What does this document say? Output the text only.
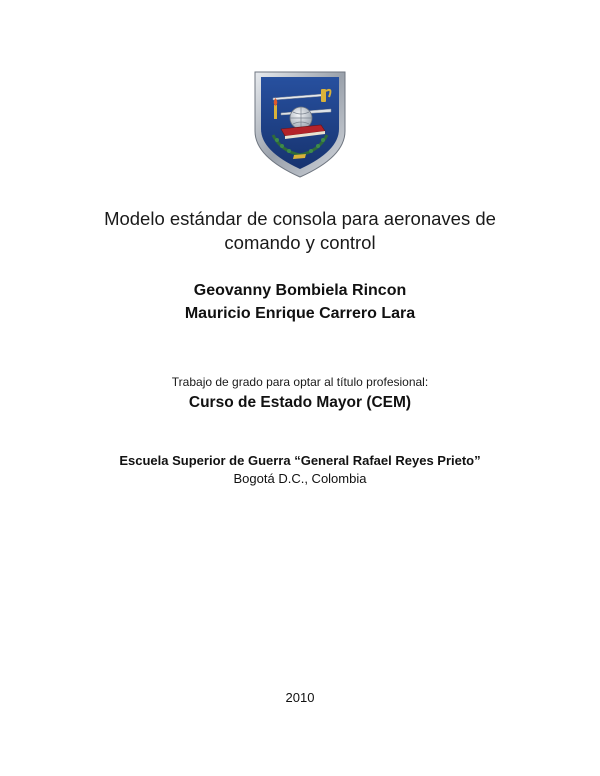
Modelo estándar de consola para aeronaves de
comando y control
Geovanny Bombiela Rincon
Mauricio Enrique Carrero Lara
Trabajo de grado para optar al título profesional:
Curso de Estado Mayor (CEM)
Escuela Superior de Guerra “General Rafael Reyes Prieto”
Bogotá D.C., Colombia
2010
